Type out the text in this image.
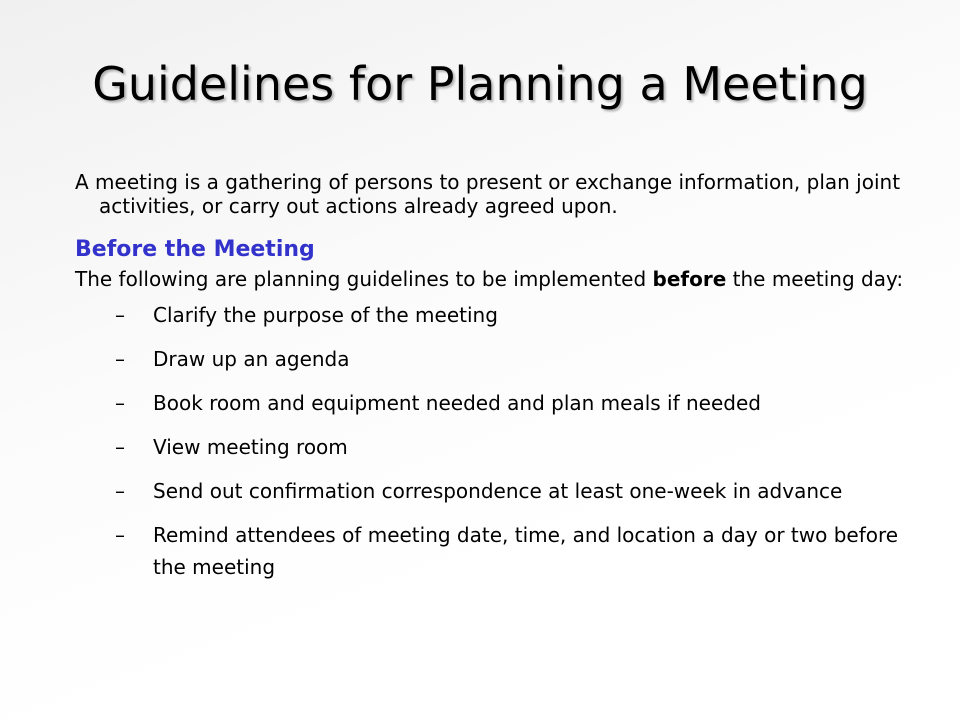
Guidelines for Planning a Meeting

A meeting is a gathering of persons to present or exchange information, plan joint activities, or carry out actions already agreed upon.

Before the Meeting

The following are planning guidelines to be implemented before the meeting day:

– Clarify the purpose of the meeting
– Draw up an agenda
– Book room and equipment needed and plan meals if needed
– View meeting room
– Send out confirmation correspondence at least one-week in advance
– Remind attendees of meeting date, time, and location a day or two before the meeting
